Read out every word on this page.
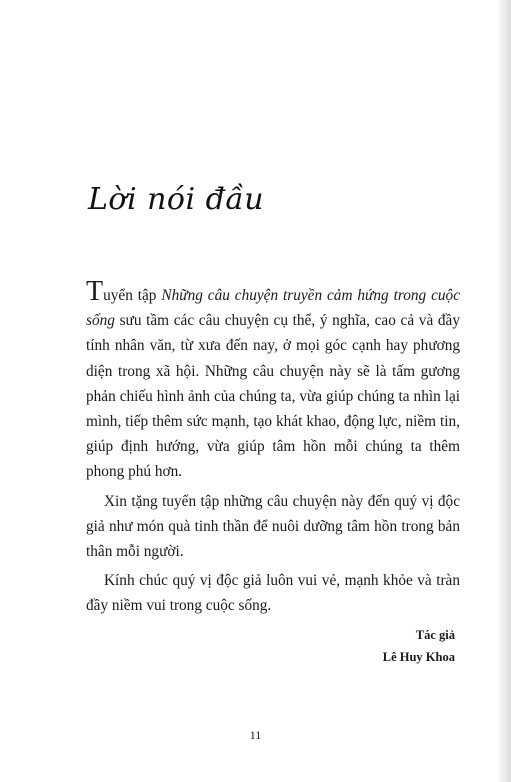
Lời nói đầu

Tuyển tập Những câu chuyện truyền cảm hứng trong cuộc sống sưu tầm các câu chuyện cụ thể, ý nghĩa, cao cả và đầy tính nhân văn, từ xưa đến nay, ở mọi góc cạnh hay phương diện trong xã hội. Những câu chuyện này sẽ là tấm gương phản chiếu hình ảnh của chúng ta, vừa giúp chúng ta nhìn lại mình, tiếp thêm sức mạnh, tạo khát khao, động lực, niềm tin, giúp định hướng, vừa giúp tâm hồn mỗi chúng ta thêm phong phú hơn.

Xin tặng tuyển tập những câu chuyện này đến quý vị độc giả như món quà tinh thần để nuôi dưỡng tâm hồn trong bản thân mỗi người.

Kính chúc quý vị độc giả luôn vui vẻ, mạnh khỏe và tràn đầy niềm vui trong cuộc sống.

Tác giả
Lê Huy Khoa
11
